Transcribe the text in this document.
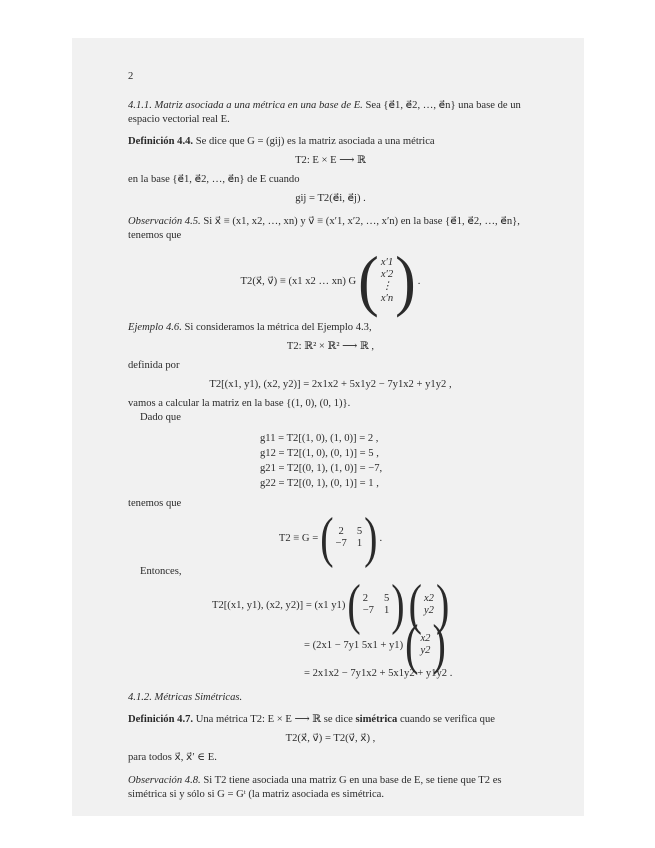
2

4.1.1. Matriz asociada a una métrica en una base de E. Sea {e⃗1, e⃗2, …, e⃗n} una base de un espacio vectorial real E.

Definición 4.4. Se dice que G = (gij) es la matriz asociada a una métrica

T2: E × E ⟶ ℝ

en la base {e⃗1, e⃗2, …, e⃗n} de E cuando

gij = T2(e⃗i, e⃗j) .

Observación 4.5. Si x⃗ ≡ (x1, x2, …, xn) y v⃗ ≡ (x′1, x′2, …, x′n) en la base {e⃗1, e⃗2, …, e⃗n}, tenemos que

T2(x⃗, v⃗) ≡ (x1 x2 … xn) G ( x′1
x′2
⋮
x′n ) .

Ejemplo 4.6. Si consideramos la métrica del Ejemplo 4.3,

T2: ℝ² × ℝ² ⟶ ℝ ,

definida por

T2[(x1, y1), (x2, y2)] = 2x1x2 + 5x1y2 − 7y1x2 + y1y2 ,

vamos a calcular la matriz en la base {(1, 0), (0, 1)}.

Dado que

g11 = T2[(1, 0), (1, 0)] = 2 ,
g12 = T2[(1, 0), (0, 1)] = 5 ,
g21 = T2[(0, 1), (1, 0)] = −7,
g22 = T2[(0, 1), (0, 1)] = 1 ,

tenemos que

T2 ≡ G = ( 2 5
−7 1 ) .

Entonces,

T2[(x1, y1), (x2, y2)] = (x1 y1) ( 2	5
−7 1 ) ( x2
y2 )

= (2x1 − 7y1 5x1 + y1) ( x2
y2 )
= 2x1x2 − 7y1x2 + 5x1y2 + y1y2 .

4.1.2. Métricas Simétricas.

Definición 4.7. Una métrica T2: E × E ⟶ ℝ se dice simétrica cuando se verifica que

T2(x⃗, v⃗) = T2(v⃗, x⃗) ,

para todos x⃗, x⃗′ ∈ E.

Observación 4.8. Si T2 tiene asociada una matriz G en una base de E, se tiene que T2 es simétrica si y sólo si G = Gᵗ (la matriz asociada es simétrica.
